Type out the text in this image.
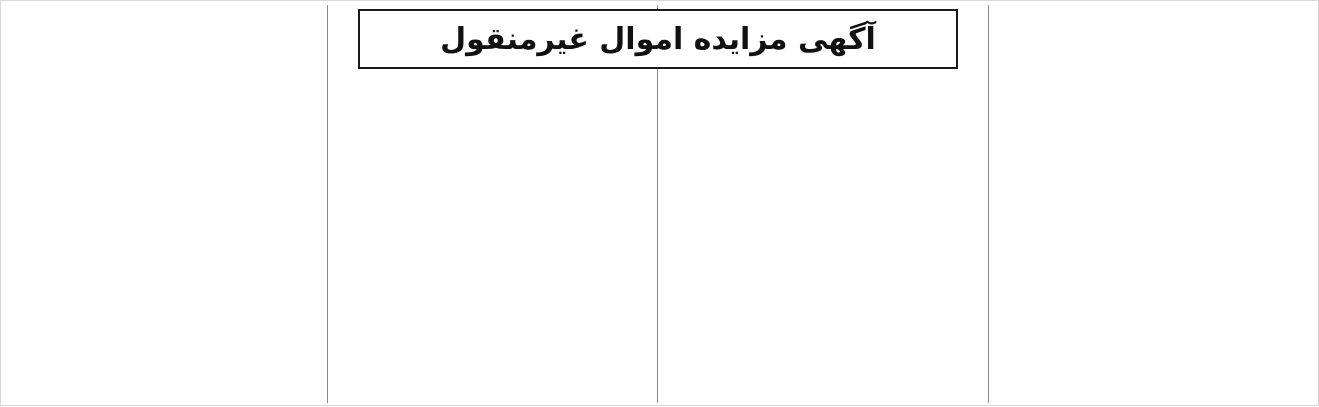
آگهی مزایده اموال غیرمنقول
